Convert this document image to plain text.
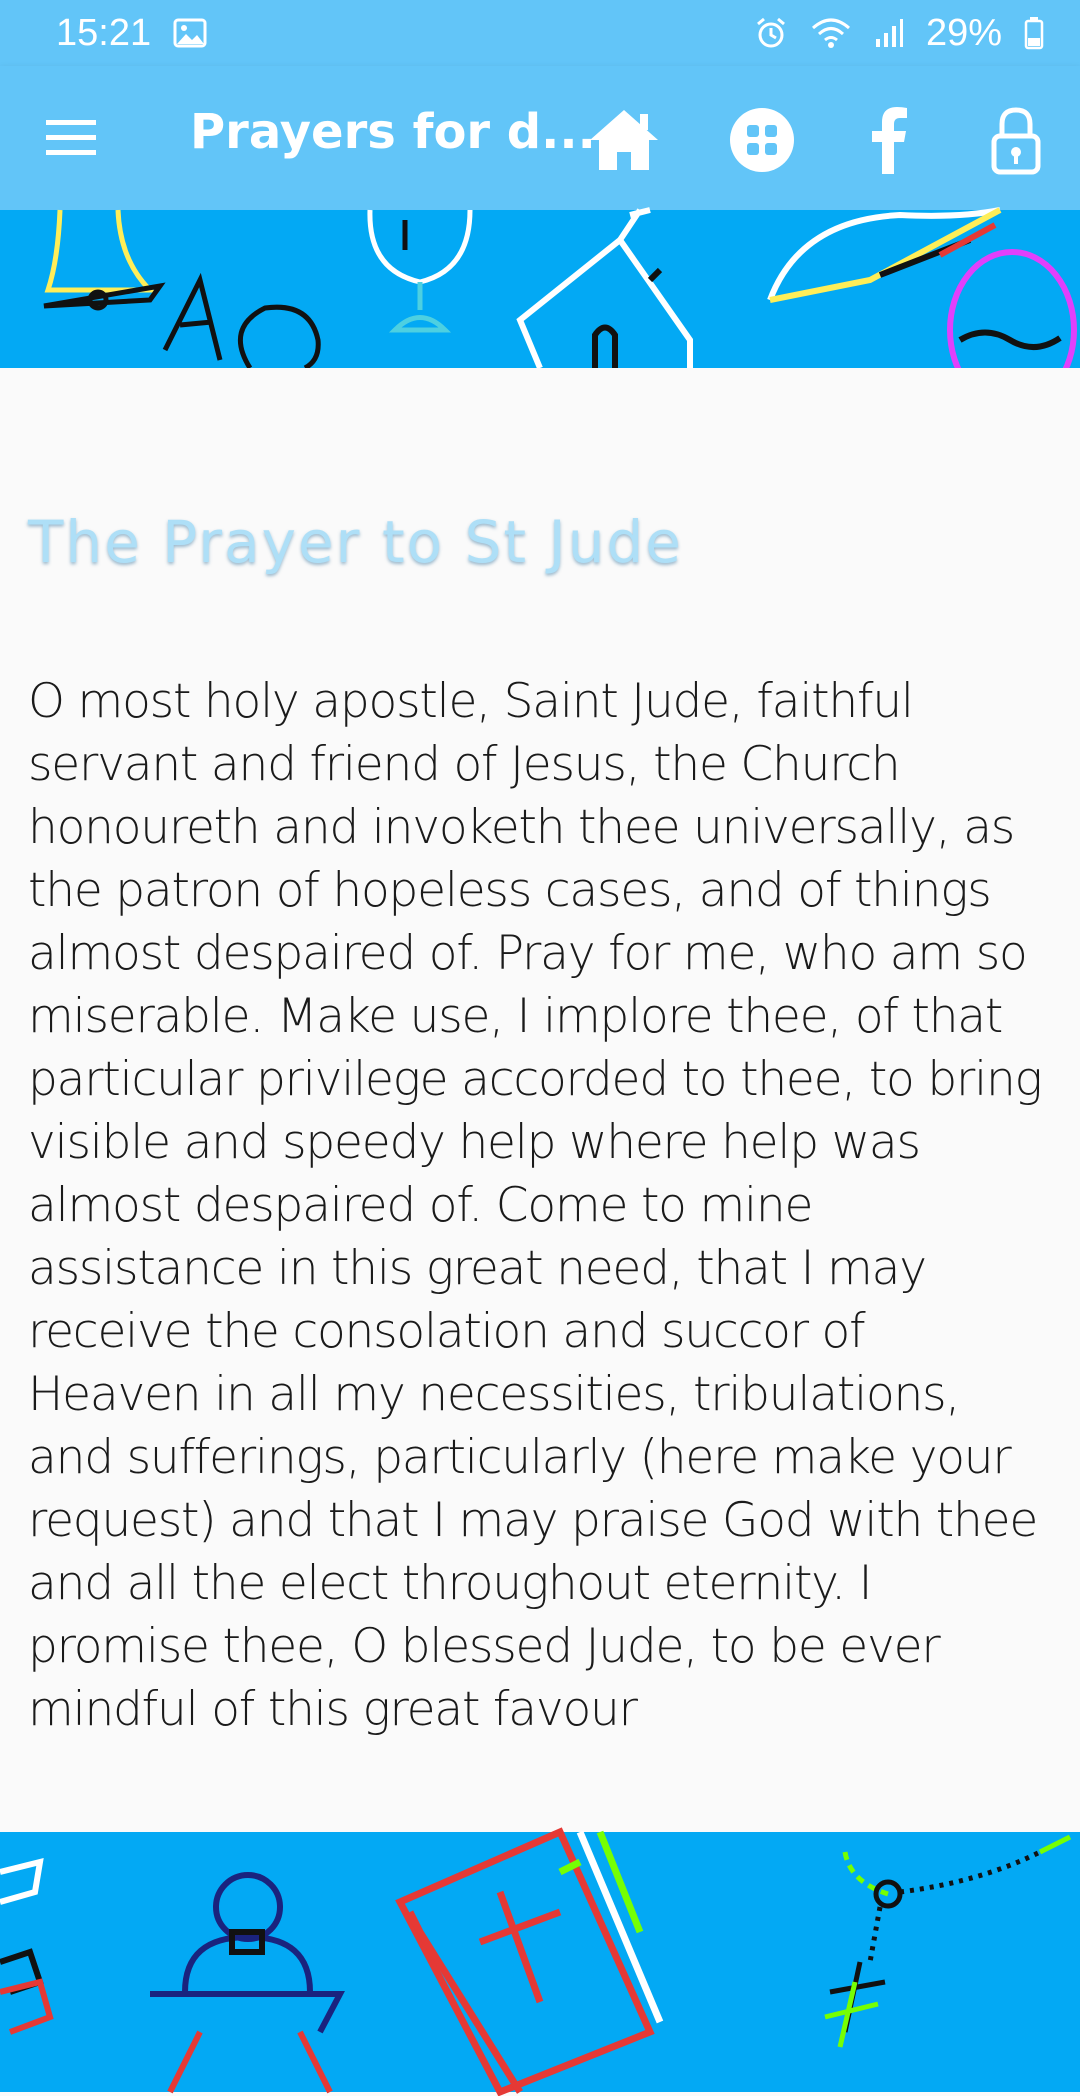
15:21	29%
Prayers for d...
The Prayer to St Jude
O most holy apostle, Saint Jude, faithful servant and friend of Jesus, the Church honoureth and invoketh thee universally, as the patron of hopeless cases, and of things almost despaired of. Pray for me, who am so miserable. Make use, I implore thee, of that particular privilege accorded to thee, to bring visible and speedy help where help was almost despaired of. Come to mine assistance in this great need, that I may receive the consolation and succor of Heaven in all my necessities, tribulations, and sufferings, particularly (here make your request) and that I may praise God with thee and all the elect throughout eternity. I promise thee, O blessed Jude, to be ever mindful of this great favour
